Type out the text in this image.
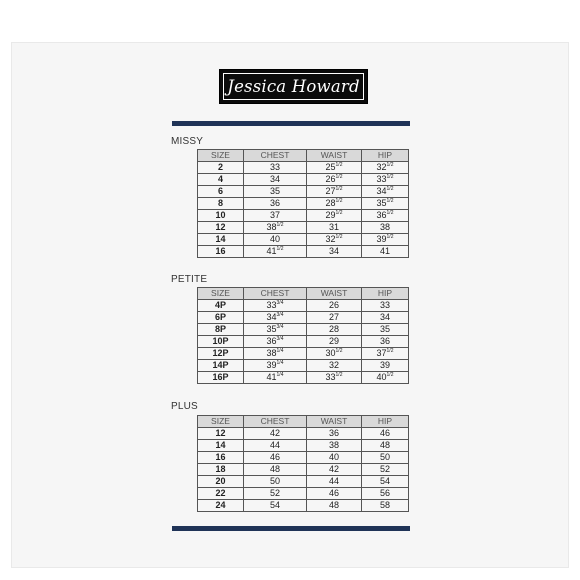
Jessica Howard
MISSY
SIZE	CHEST	WAIST	HIP
2	33	$25^{1/2}$	$32^{1/2}$
4	34	$26^{1/2}$	$33^{1/2}$
6	35	$27^{1/2}$	$34^{1/2}$
8	36	$28^{1/2}$	$35^{1/2}$
10	37	$29^{1/2}$	$36^{1/2}$
12	$38^{1/2}$	31	38
14	40	$32^{1/2}$	$39^{1/2}$
16	$41^{1/2}$	34	41
PETITE
SIZE	CHEST	WAIST	HIP
4P	$33^{3/4}$	26	33
6P	$34^{3/4}$	27	34
8P	$35^{3/4}$	28	35
10P	$36^{3/4}$	29	36
12P	$38^{1/4}$	$30^{1/2}$	$37^{1/2}$
14P	$39^{1/4}$	32	39
16P	$41^{1/4}$	$33^{1/2}$	$40^{1/2}$
PLUS
SIZE	CHEST	WAIST	HIP
12	42	36	46
14	44	38	48
16	46	40	50
18	48	42	52
20	50	44	54
22	52	46	56
24	54	48	58
